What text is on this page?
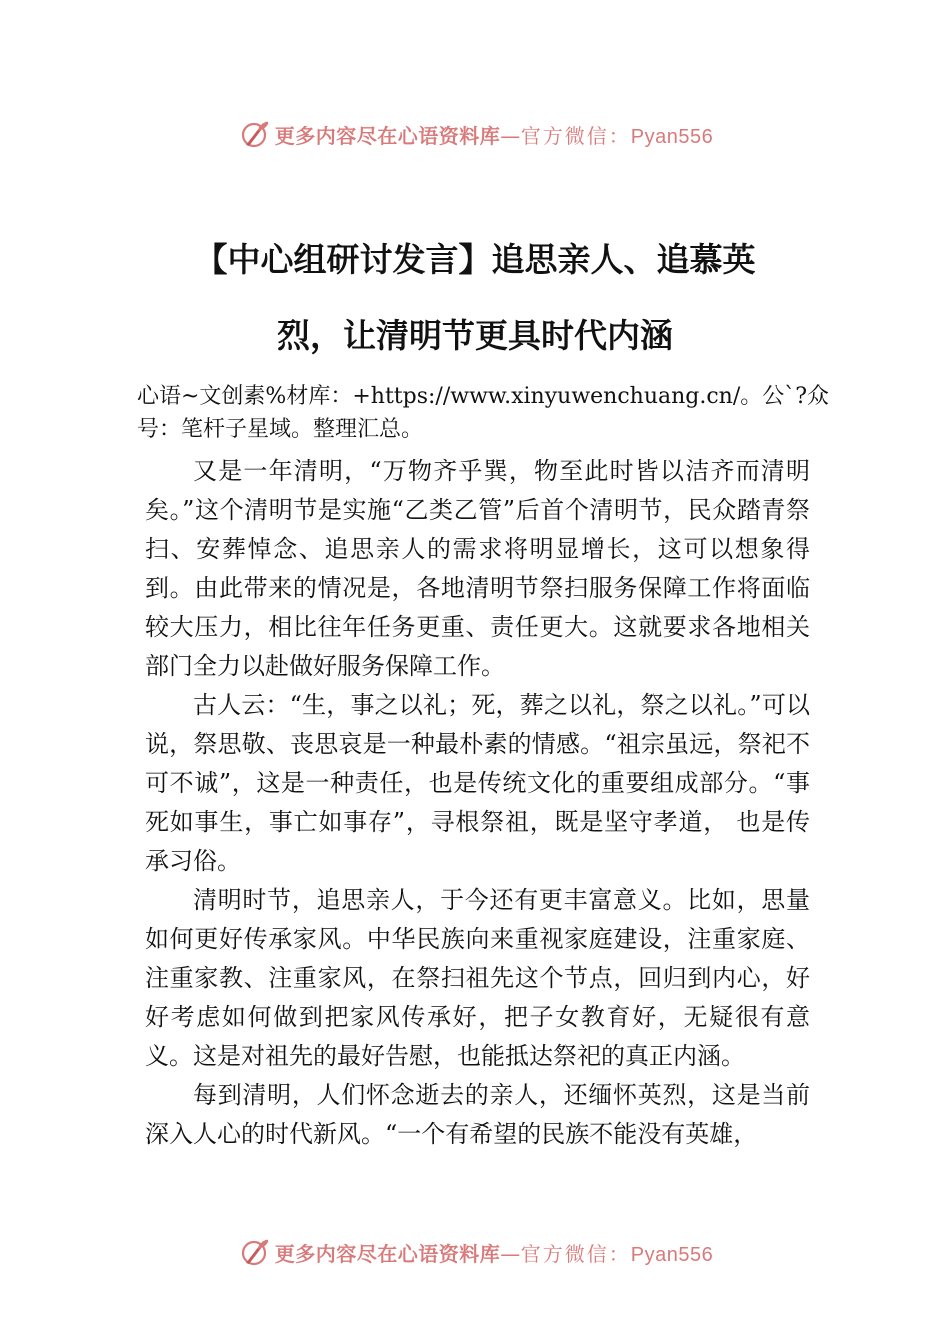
更多内容尽在心语资料库—官方微信：Pyan556
【中心组研讨发言】追思亲人、追慕英
烈，让清明节更具时代内涵

心语~文创素%材库：+https://www.xinyuwenchuang.cn/。公`?众号：笔杆子星域。整理汇总。

又是一年清明，“万物齐乎巽，物至此时皆以洁齐而清明矣。”这个清明节是实施“乙类乙管”后首个清明节，民众踏青祭扫、安葬悼念、追思亲人的需求将明显增长，这可以想象得到。由此带来的情况是，各地清明节祭扫服务保障工作将面临较大压力，相比往年任务更重、责任更大。这就要求各地相关部门全力以赴做好服务保障工作。

古人云：“生，事之以礼；死，葬之以礼，祭之以礼。”可以说，祭思敬、丧思哀是一种最朴素的情感。“祖宗虽远，祭祀不可不诚”，这是一种责任，也是传统文化的重要组成部分。“事死如事生，事亡如事存”，寻根祭祖，既是坚守孝道， 也是传承习俗。

清明时节，追思亲人，于今还有更丰富意义。比如，思量如何更好传承家风。中华民族向来重视家庭建设，注重家庭、注重家教、注重家风，在祭扫祖先这个节点，回归到内心，好好考虑如何做到把家风传承好，把子女教育好，无疑很有意义。这是对祖先的最好告慰，也能抵达祭祀的真正内涵。

每到清明，人们怀念逝去的亲人，还缅怀英烈，这是当前深入人心的时代新风。“一个有希望的民族不能没有英雄，

更多内容尽在心语资料库—官方微信：Pyan556
